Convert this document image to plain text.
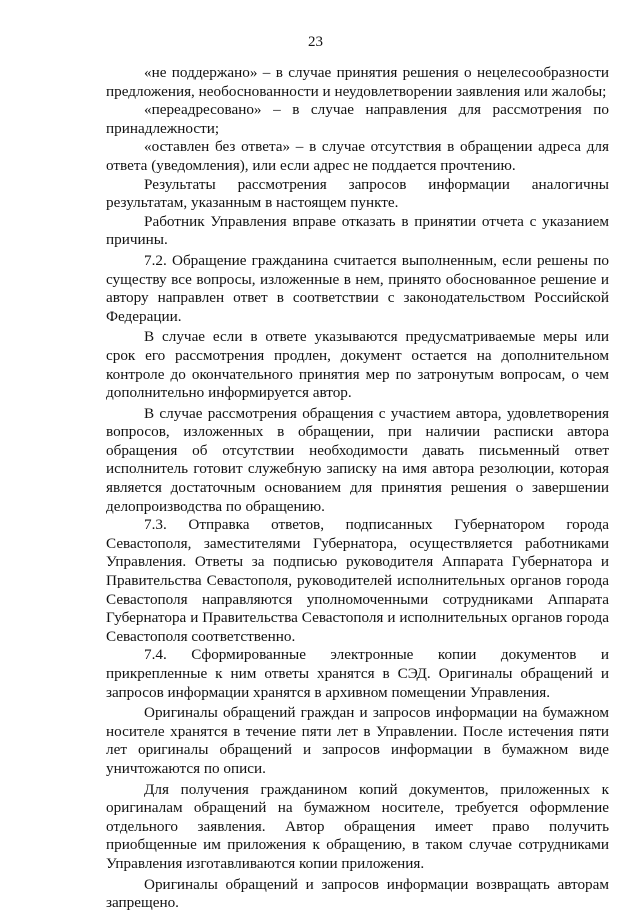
23

«не поддержано» – в случае принятия решения о нецелесообразности предложения, необоснованности и неудовлетворении заявления или жалобы;

«переадресовано» – в случае направления для рассмотрения по принадлежности;

«оставлен без ответа» – в случае отсутствия в обращении адреса для ответа (уведомления), или если адрес не поддается прочтению.

Результаты рассмотрения запросов информации аналогичны результатам, указанным в настоящем пункте.

Работник Управления вправе отказать в принятии отчета с указанием причины.

7.2. Обращение гражданина считается выполненным, если решены по существу все вопросы, изложенные в нем, принято обоснованное решение и автору направлен ответ в соответствии с законодательством Российской Федерации.

В случае если в ответе указываются предусматриваемые меры или срок его рассмотрения продлен, документ остается на дополнительном контроле до окончательного принятия мер по затронутым вопросам, о чем дополнительно информируется автор.

В случае рассмотрения обращения с участием автора, удовлетворения вопросов, изложенных в обращении, при наличии расписки автора обращения об отсутствии необходимости давать письменный ответ исполнитель готовит служебную записку на имя автора резолюции, которая является достаточным основанием для принятия решения о завершении делопроизводства по обращению.

7.3. Отправка ответов, подписанных Губернатором города Севастополя, заместителями Губернатора, осуществляется работниками Управления. Ответы за подписью руководителя Аппарата Губернатора и Правительства Севастополя, руководителей исполнительных органов города Севастополя направляются уполномоченными сотрудниками Аппарата Губернатора и Правительства Севастополя и исполнительных органов города Севастополя соответственно.

7.4. Сформированные электронные копии документов и прикрепленные к ним ответы хранятся в СЭД. Оригиналы обращений и запросов информации хранятся в архивном помещении Управления.

Оригиналы обращений граждан и запросов информации на бумажном носителе хранятся в течение пяти лет в Управлении. После истечения пяти лет оригиналы обращений и запросов информации в бумажном виде уничтожаются по описи.

Для получения гражданином копий документов, приложенных к оригиналам обращений на бумажном носителе, требуется оформление отдельного заявления. Автор обращения имеет право получить приобщенные им приложения к обращению, в таком случае сотрудниками Управления изготавливаются копии приложения.

Оригиналы обращений и запросов информации возвращать авторам запрещено.
